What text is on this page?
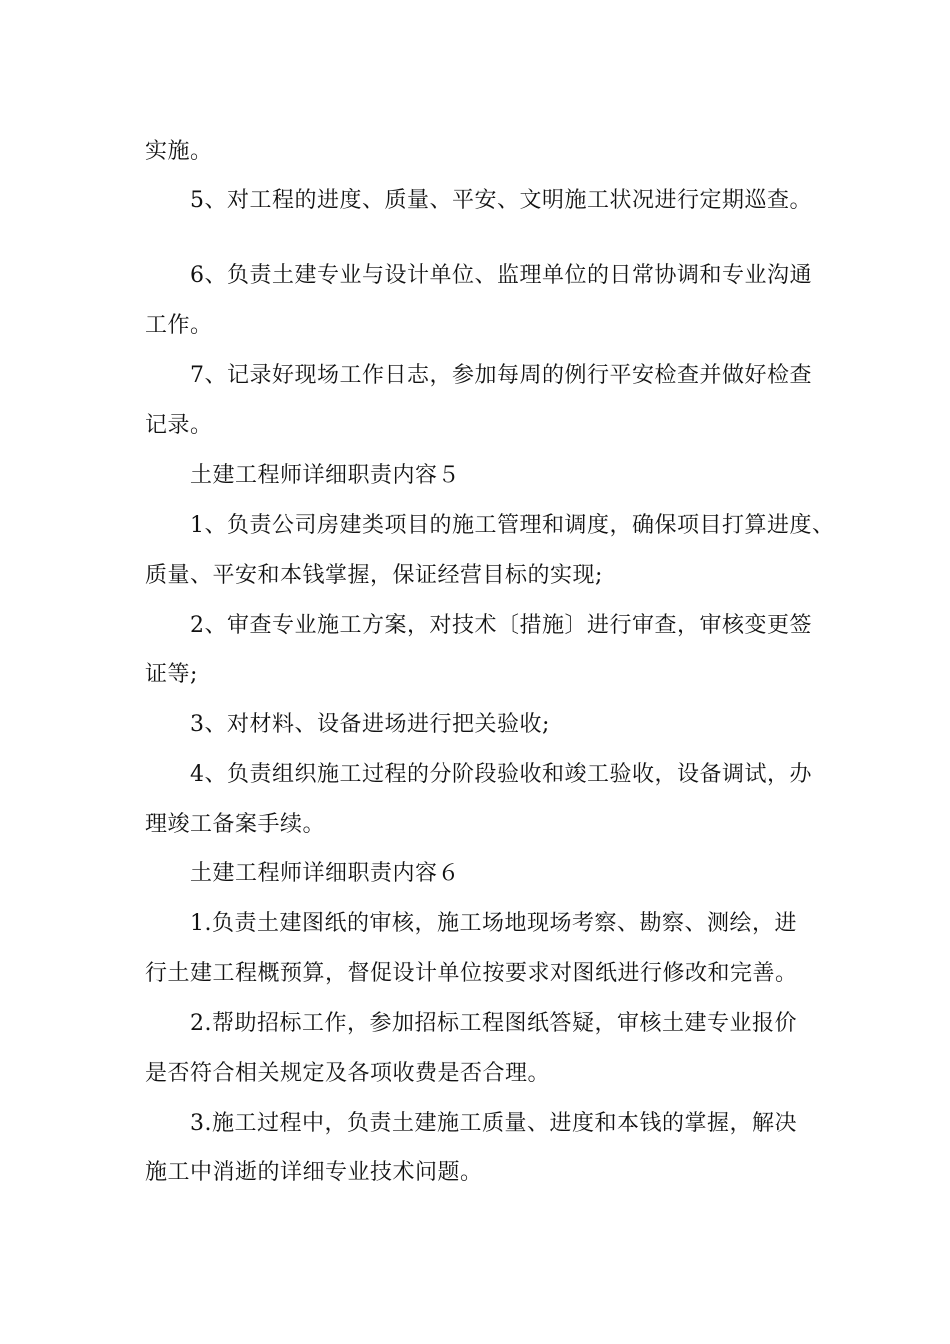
实施。
5、对工程的进度、质量、平安、文明施工状况进行定期巡查。
6、负责土建专业与设计单位、监理单位的日常协调和专业沟通
工作。
7、记录好现场工作日志，参加每周的例行平安检查并做好检查
记录。
土建工程师详细职责内容５
1、负责公司房建类项目的施工管理和调度，确保项目打算进度、
质量、平安和本钱掌握，保证经营目标的实现;
2、审查专业施工方案，对技术〔措施〕进行审查，审核变更签
证等;
3、对材料、设备进场进行把关验收;
4、负责组织施工过程的分阶段验收和竣工验收，设备调试，办
理竣工备案手续。
土建工程师详细职责内容６
1.负责土建图纸的审核，施工场地现场考察、勘察、测绘，进
行土建工程概预算，督促设计单位按要求对图纸进行修改和完善。
2.帮助招标工作，参加招标工程图纸答疑，审核土建专业报价
是否符合相关规定及各项收费是否合理。
3.施工过程中，负责土建施工质量、进度和本钱的掌握，解决
施工中消逝的详细专业技术问题。
